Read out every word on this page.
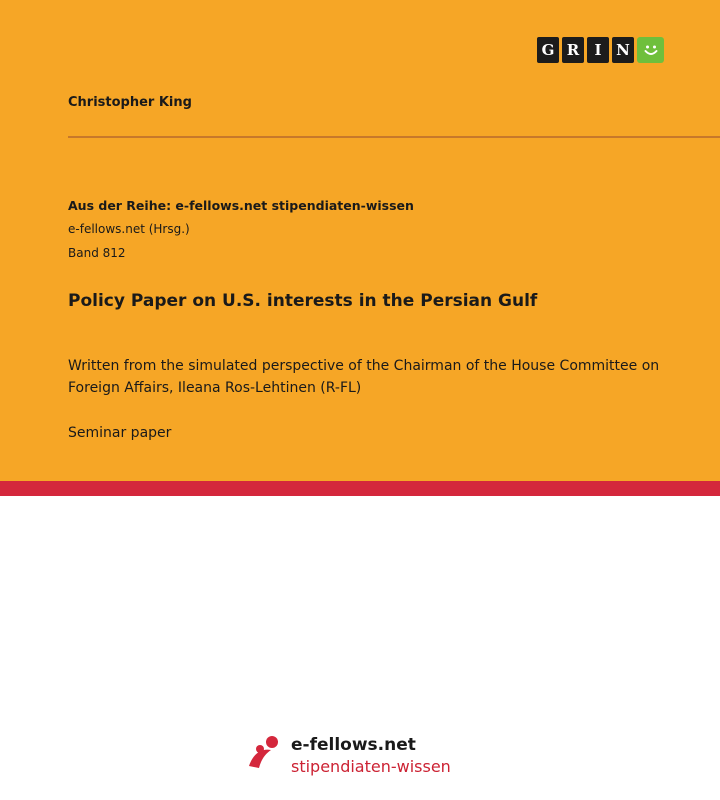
G R	I N
Christopher King
Aus der Reihe: e-fellows.net stipendiaten-wissen
e-fellows.net (Hrsg.)
Band 812
Policy Paper on U.S. interests in the Persian Gulf
Written from the simulated perspective of the Chairman of the House Committee on Foreign Affairs, Ileana Ros-Lehtinen (R-FL)
Seminar paper
e-fellows.net
stipendiaten-wissen
